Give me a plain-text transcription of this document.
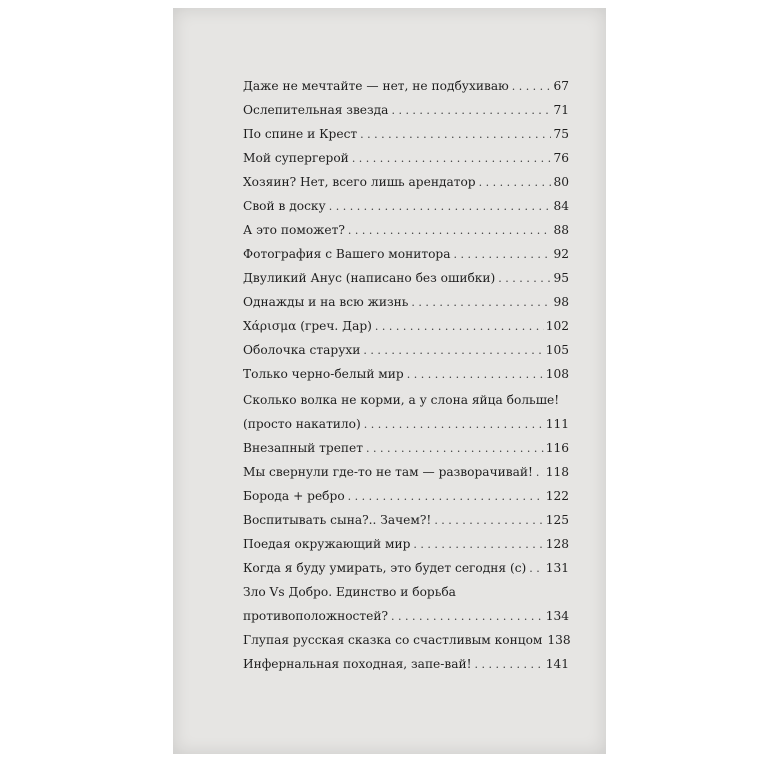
Даже не мечтайте — нет, не подбухиваю . . .	67
Ослепительная звезда . . .	71
По спине и Крест . . .	75
Мой супергерой . . .	76
Хозяин? Нет, всего лишь арендатор . . .	80
Свой в доску . . .	84
А это поможет? . . .	88
Фотография с Вашего монитора . . .	92
Двуликий Анус (написано без ошибки) . . .	95
Однажды и на всю жизнь . . .	98
Χάρισμα (греч. Дар) . . .	102
Оболочка старухи . . .	105
Только черно-белый мир . . .	108
Сколько волка не корми, а у слона яйца больше!
(просто накатило) . . .	111
Внезапный трепет . . .	116
Мы свернули где-то не там — разворачивай! . . . 118
Борода + ребро . . .	122
Воспитывать сына?.. Зачем?! . . .	125
Поедая окружающий мир . . .	128
Когда я буду умирать, это будет сегодня (с) . . . 131
Зло Vs Добро. Единство и борьба
противоположностей? . . .	134
Глупая русская сказка со счастливым концом 138
Инфернальная походная, запе-вай! . . .	141
